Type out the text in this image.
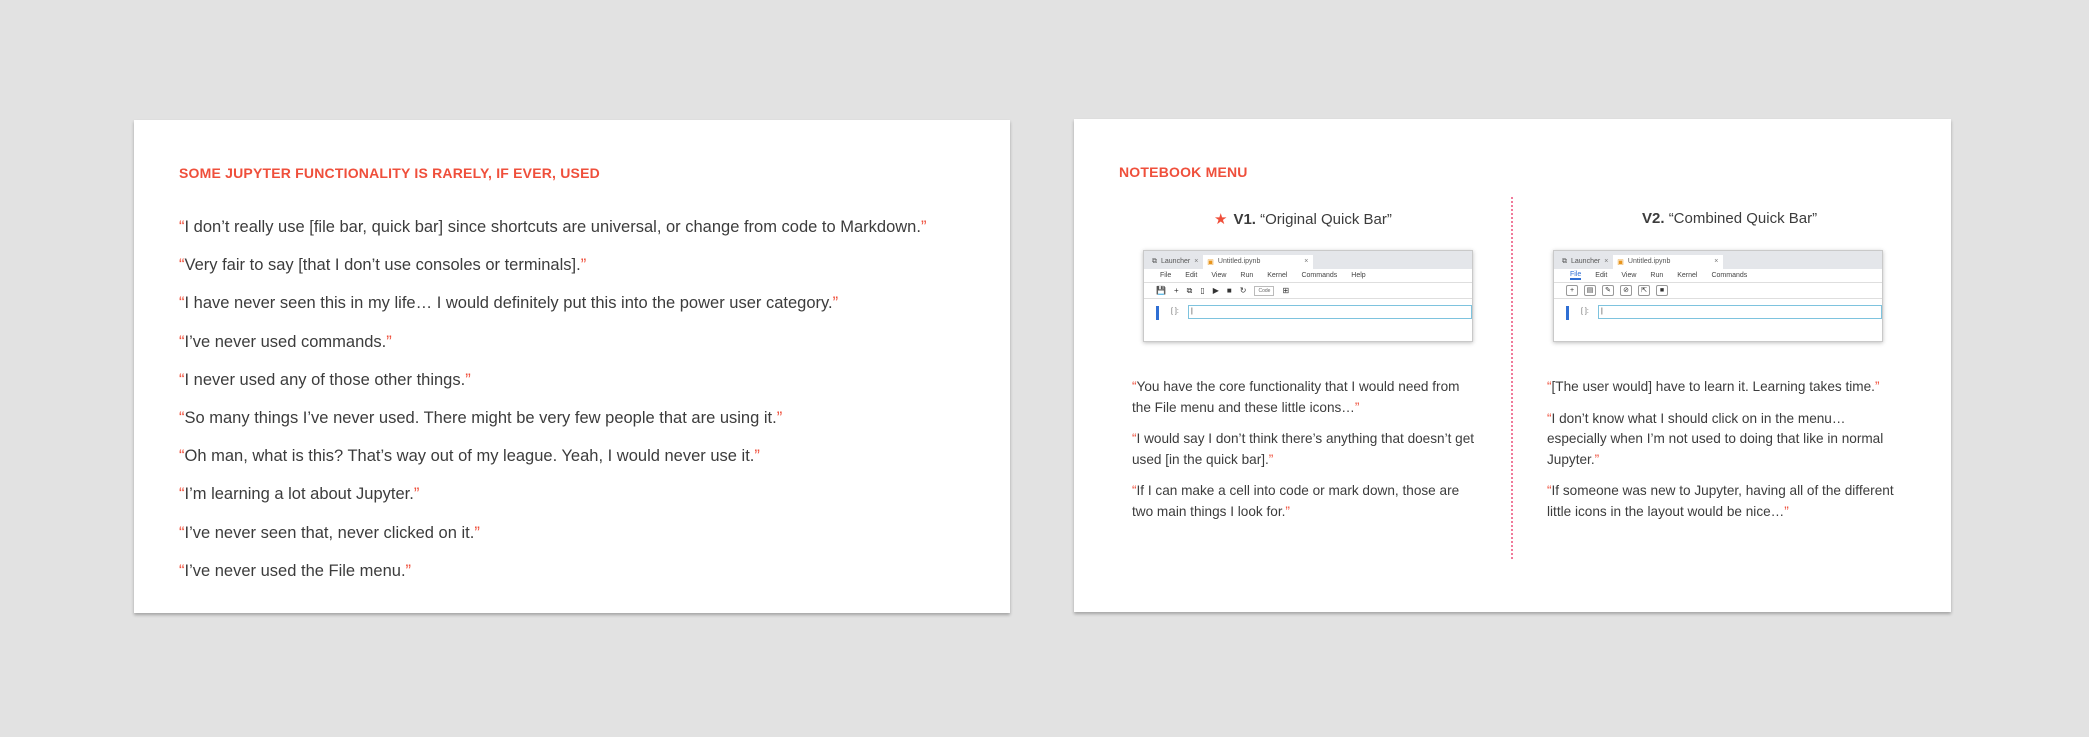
SOME JUPYTER FUNCTIONALITY IS RARELY, IF EVER, USED
“I don’t really use [file bar, quick bar] since shortcuts are universal, or change from code to Markdown.”
“Very fair to say [that I don’t use consoles or terminals].”
“I have never seen this in my life… I would definitely put this into the power user category.”
“I’ve never used commands.”
“I never used any of those other things.”
“So many things I’ve never used. There might be very few people that are using it.”
“Oh man, what is this? That’s way out of my league. Yeah, I would never use it.”
“I’m learning a lot about Jupyter.”
“I’ve never seen that, never clicked on it.”
“I’ve never used the File menu.”
NOTEBOOK MENU
★ V1. “Original Quick Bar”	V2. “Combined Quick Bar”
⧉ Launcher × ▣ Untitled.ipynb	×
File Edit View Run Kernel Commands Help
💾 + ⧉ ▯ ▶ ■ ↻	Code	⊞
[ ]:	|
⧉ Launcher × ▣ Untitled.ipynb	×
File Edit View Run Kernel Commands
+	▤	✎	⊘	⇱	■
[ ]:	|

“You have the core functionality that I would need from the File menu and these little icons…”

“I would say I don’t think there’s anything that doesn’t get used [in the quick bar].”

“If I can make a cell into code or mark down, those are two main things I look for.”

“[The user would] have to learn it. Learning takes time.”

“I don’t know what I should click on in the menu… especially when I’m not used to doing that like in normal Jupyter.”

“If someone was new to Jupyter, having all of the different little icons in the layout would be nice…”
